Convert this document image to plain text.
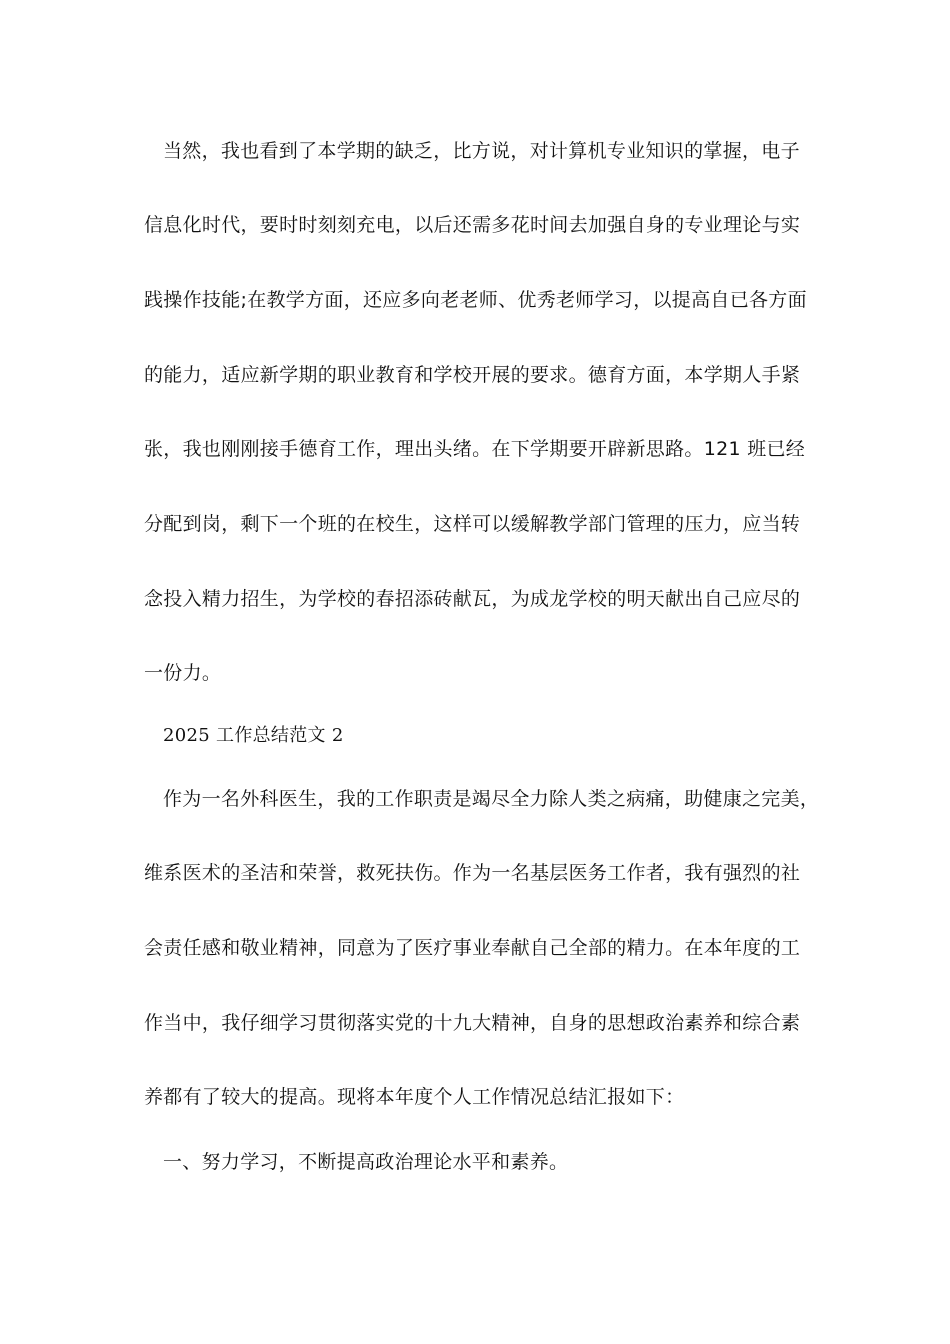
当然，我也看到了本学期的缺乏，比方说，对计算机专业知识的掌握，电子
信息化时代，要时时刻刻充电，以后还需多花时间去加强自身的专业理论与实
践操作技能;在教学方面，还应多向老老师、优秀老师学习，以提高自已各方面
的能力，适应新学期的职业教育和学校开展的要求。德育方面，本学期人手紧
张，我也刚刚接手德育工作，理出头绪。在下学期要开辟新思路。121 班已经
分配到岗，剩下一个班的在校生，这样可以缓解教学部门管理的压力，应当转
念投入精力招生，为学校的春招添砖献瓦，为成龙学校的明天献出自己应尽的
一份力。
2025 工作总结范文 2
作为一名外科医生，我的工作职责是竭尽全力除人类之病痛，助健康之完美，
维系医术的圣洁和荣誉，救死扶伤。作为一名基层医务工作者，我有强烈的社
会责任感和敬业精神，同意为了医疗事业奉献自己全部的精力。在本年度的工
作当中，我仔细学习贯彻落实党的十九大精神，自身的思想政治素养和综合素
养都有了较大的提高。现将本年度个人工作情况总结汇报如下：
一、努力学习，不断提高政治理论水平和素养。
